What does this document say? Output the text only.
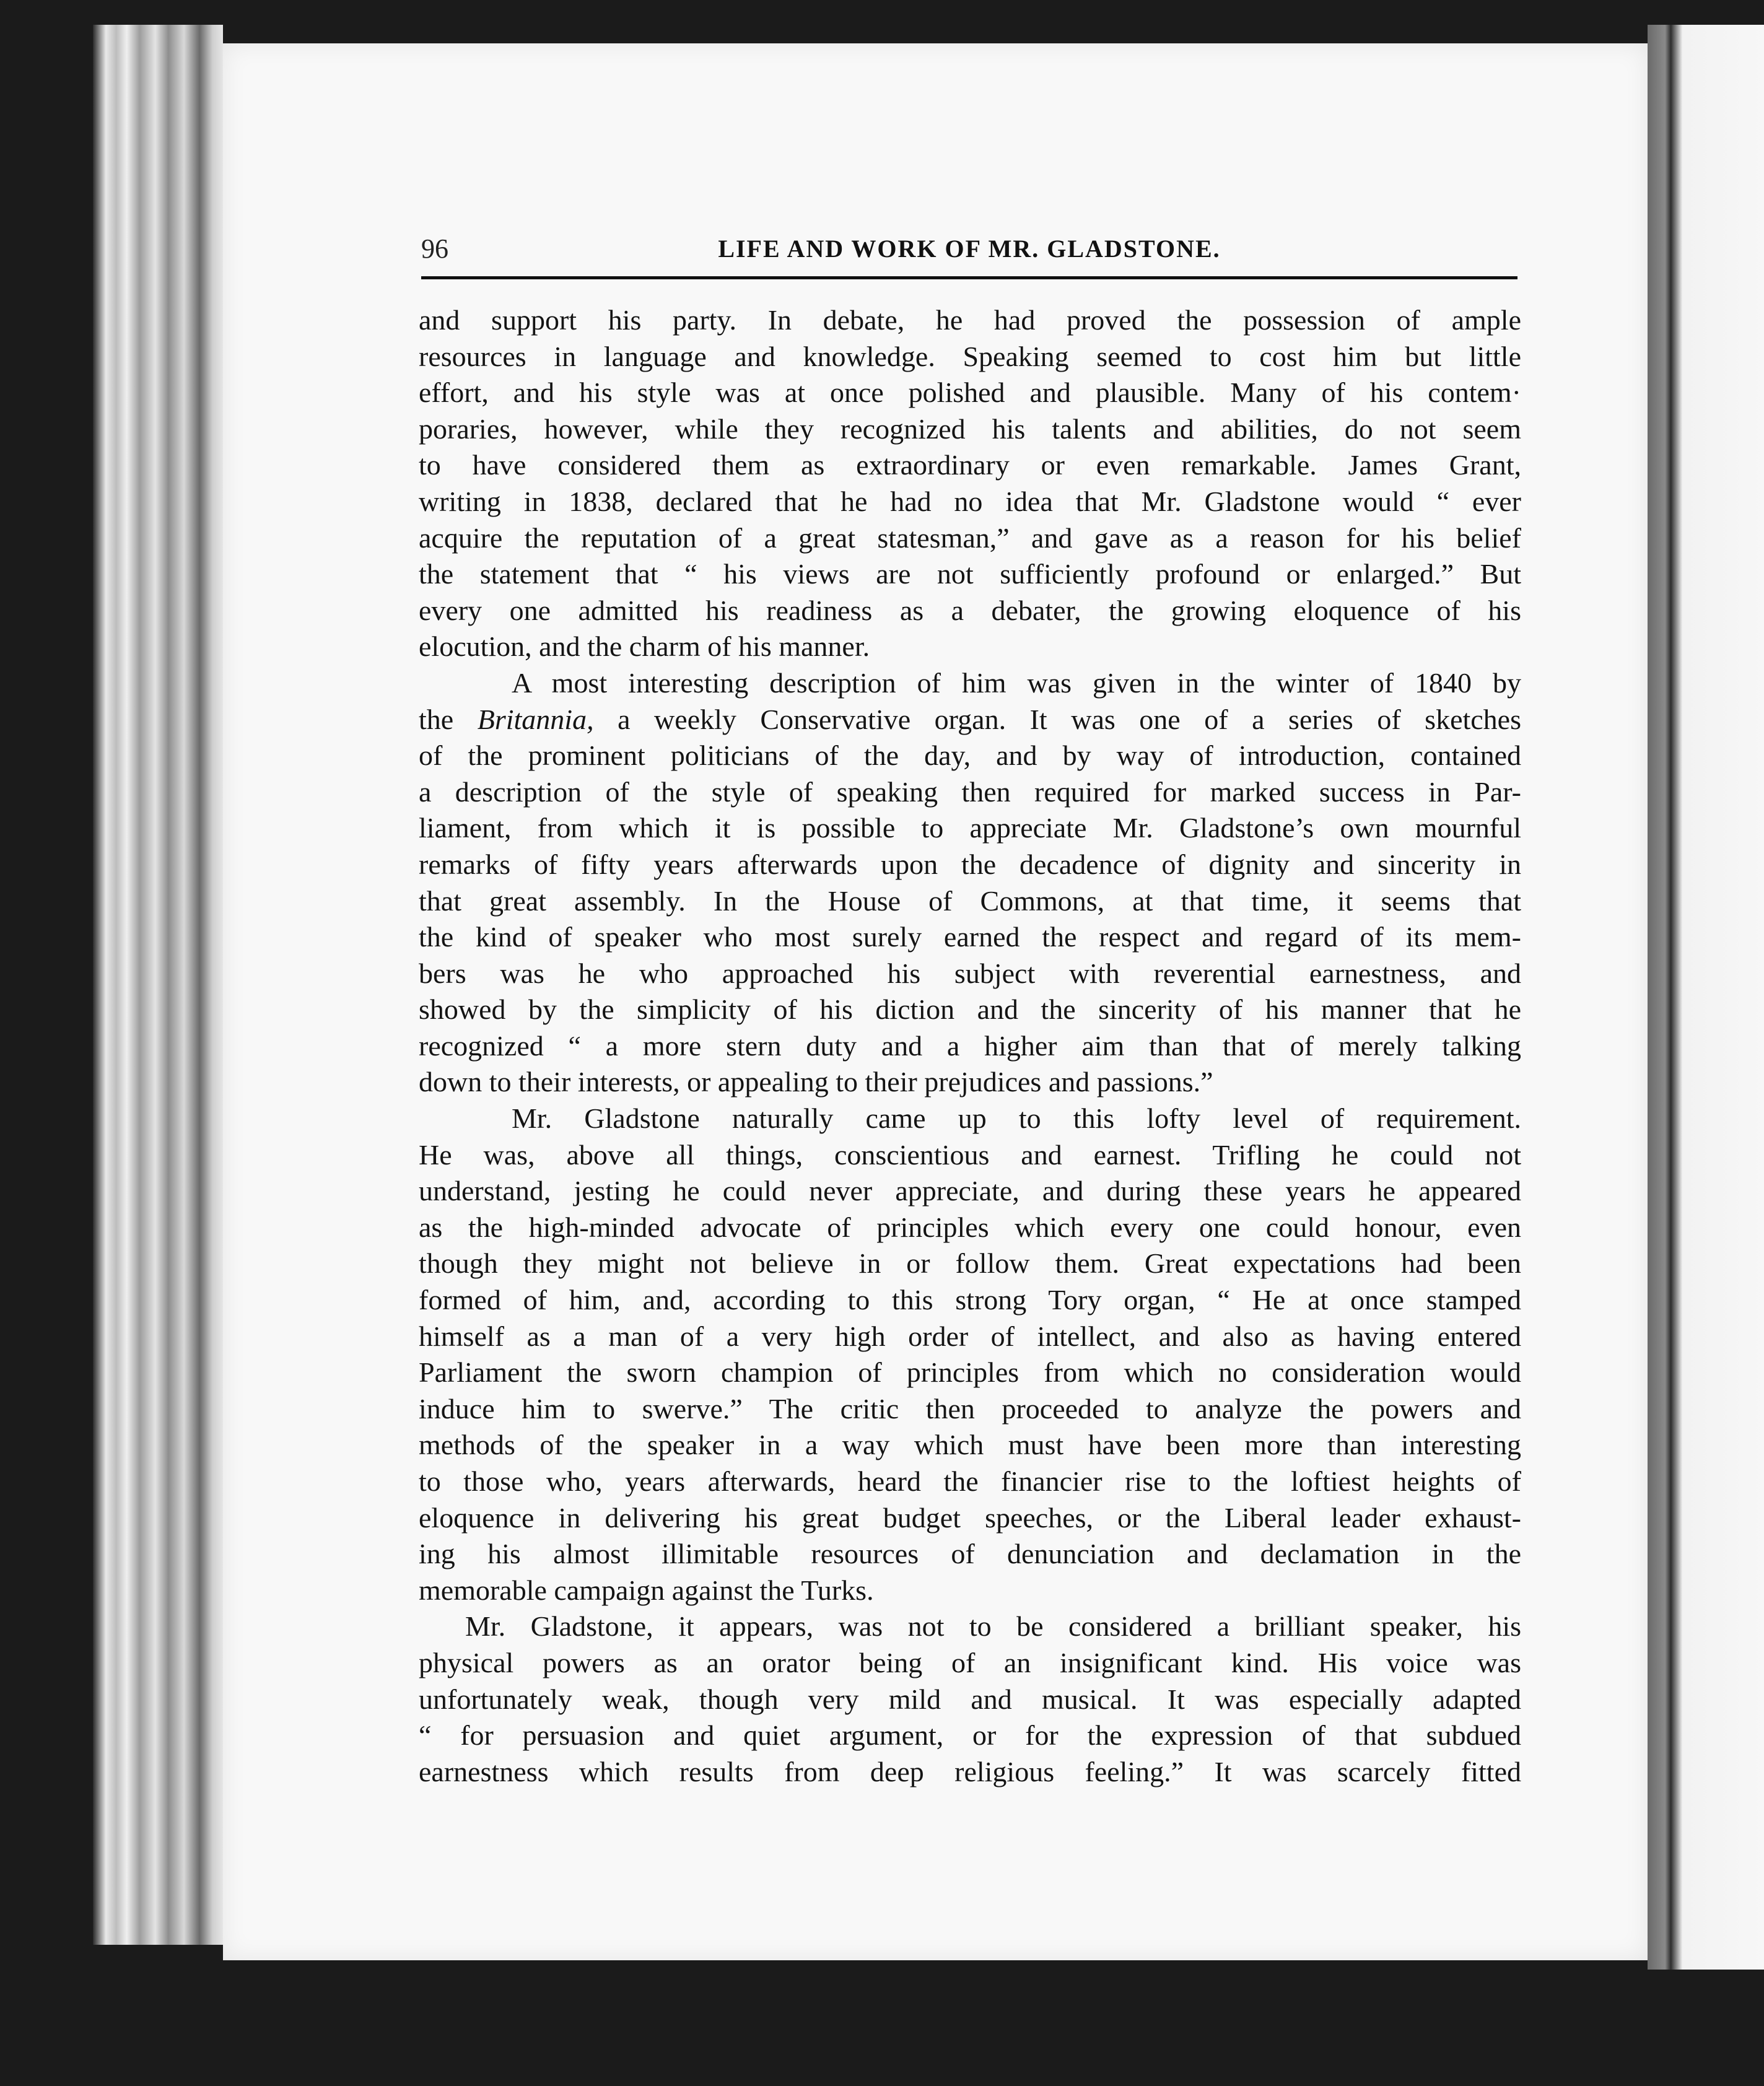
96	LIFE AND WORK OF MR. GLADSTONE.
and support his party. In debate, he had proved the possession of ample
resources in language and knowledge. Speaking seemed to cost him but little
effort, and his style was at once polished and plausible. Many of his contem·
poraries, however, while they recognized his talents and abilities, do not seem
to have considered them as extraordinary or even remarkable. James Grant,
writing in 1838, declared that he had no idea that Mr. Gladstone would “ ever
acquire the reputation of a great statesman,” and gave as a reason for his belief
the statement that “ his views are not sufficiently profound or enlarged.” But
every one admitted his readiness as a debater, the growing eloquence of his
elocution, and the charm of his manner.
A most interesting description of him was given in the winter of 1840 by
the Britannia, a weekly Conservative organ. It was one of a series of sketches
of the prominent politicians of the day, and by way of introduction, contained
a description of the style of speaking then required for marked success in Par-
liament, from which it is possible to appreciate Mr. Gladstone’s own mournful
remarks of fifty years afterwards upon the decadence of dignity and sincerity in
that great assembly. In the House of Commons, at that time, it seems that
the kind of speaker who most surely earned the respect and regard of its mem-
bers was he who approached his subject with reverential earnestness, and
showed by the simplicity of his diction and the sincerity of his manner that he
recognized “ a more stern duty and a higher aim than that of merely talking
down to their interests, or appealing to their prejudices and passions.”
Mr. Gladstone naturally came up to this lofty level of requirement.
He was, above all things, conscientious and earnest. Trifling he could not
understand, jesting he could never appreciate, and during these years he appeared
as the high-minded advocate of principles which every one could honour, even
though they might not believe in or follow them. Great expectations had been
formed of him, and, according to this strong Tory organ, “ He at once stamped
himself as a man of a very high order of intellect, and also as having entered
Parliament the sworn champion of principles from which no consideration would
induce him to swerve.” The critic then proceeded to analyze the powers and
methods of the speaker in a way which must have been more than interesting
to those who, years afterwards, heard the financier rise to the loftiest heights of
eloquence in delivering his great budget speeches, or the Liberal leader exhaust-
ing his almost illimitable resources of denunciation and declamation in the
memorable campaign against the Turks.
Mr. Gladstone, it appears, was not to be considered a brilliant speaker, his
physical powers as an orator being of an insignificant kind. His voice was
unfortunately weak, though very mild and musical. It was especially adapted
“ for persuasion and quiet argument, or for the expression of that subdued
earnestness which results from deep religious feeling.” It was scarcely fitted
